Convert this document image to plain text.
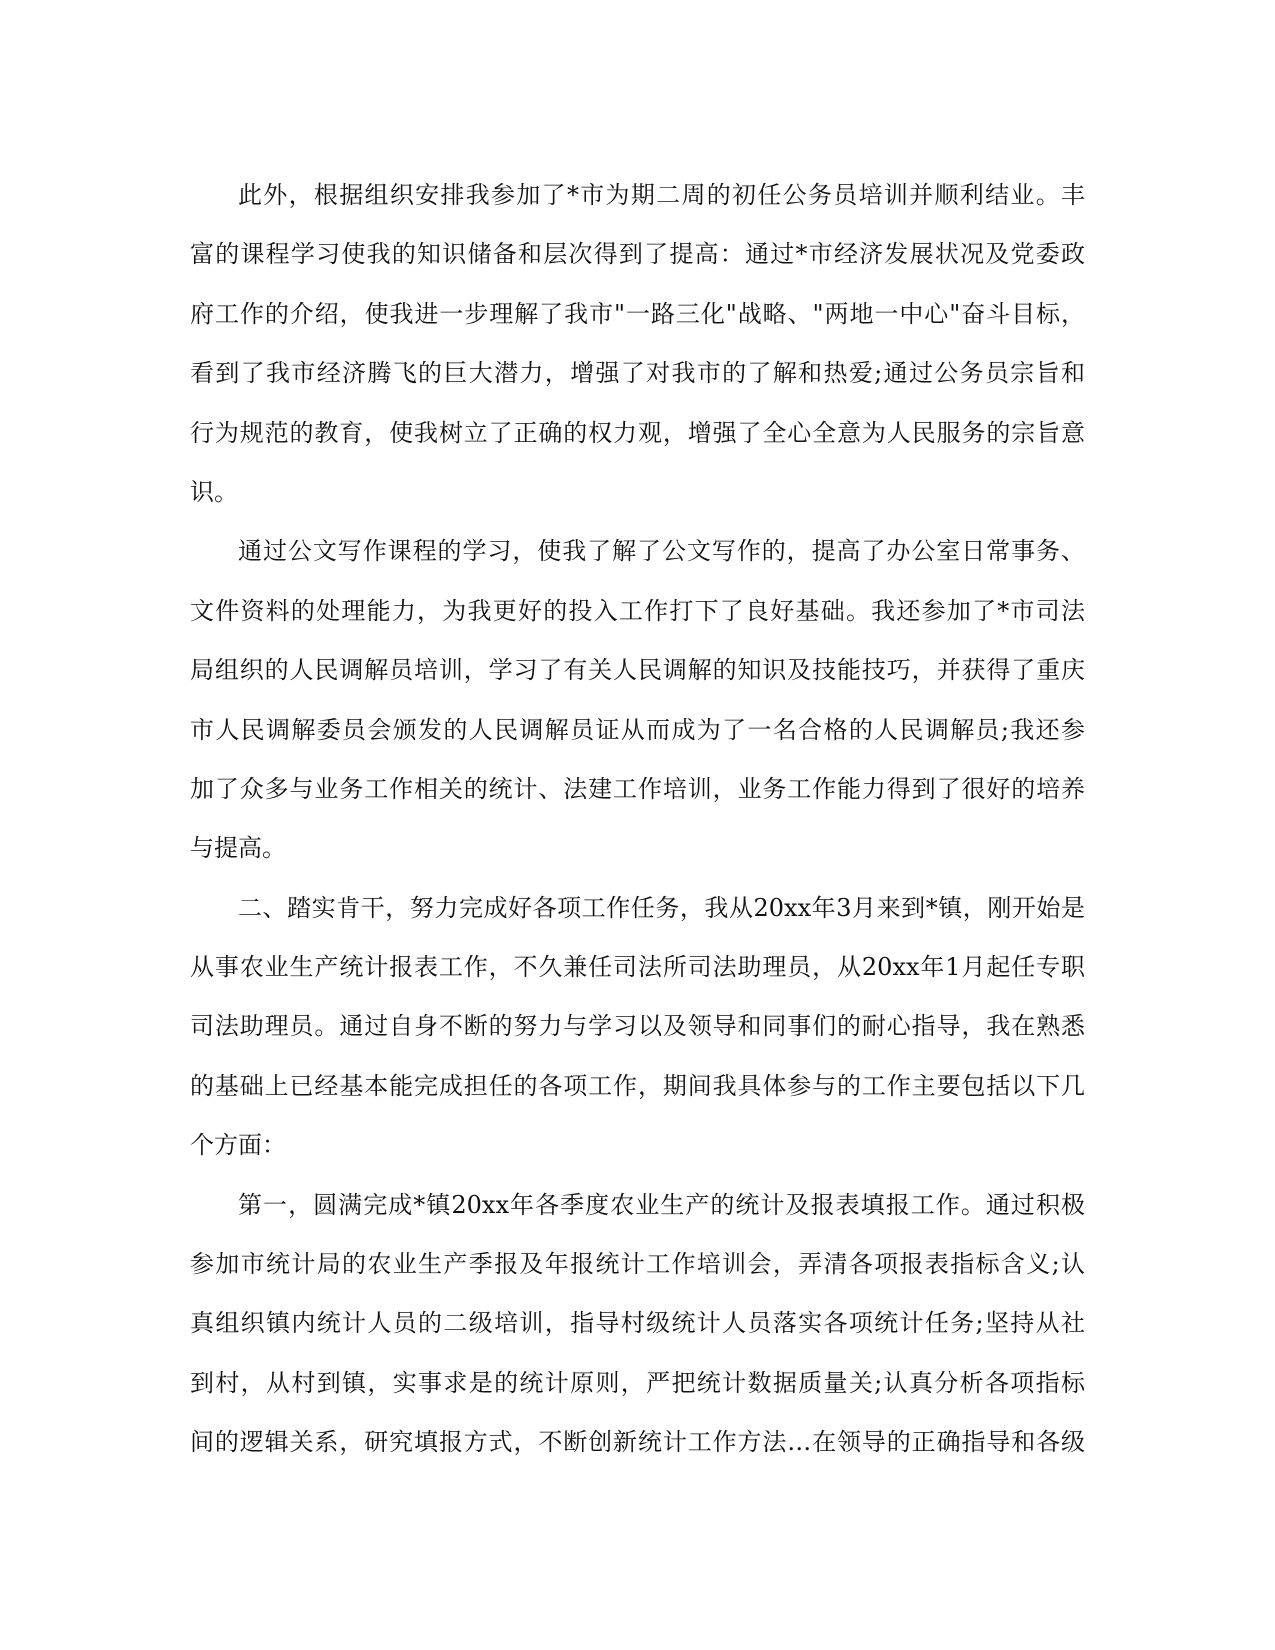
此外，根据组织安排我参加了*市为期二周的初任公务员培训并顺利结业。丰
富的课程学习使我的知识储备和层次得到了提高：通过*市经济发展状况及党委政
府工作的介绍，使我进一步理解了我市"一路三化"战略、"两地一中心"奋斗目标，
看到了我市经济腾飞的巨大潜力，增强了对我市的了解和热爱;通过公务员宗旨和
行为规范的教育，使我树立了正确的权力观，增强了全心全意为人民服务的宗旨意
识。
通过公文写作课程的学习，使我了解了公文写作的，提高了办公室日常事务、
文件资料的处理能力，为我更好的投入工作打下了良好基础。我还参加了*市司法
局组织的人民调解员培训，学习了有关人民调解的知识及技能技巧，并获得了重庆
市人民调解委员会颁发的人民调解员证从而成为了一名合格的人民调解员;我还参
加了众多与业务工作相关的统计、法建工作培训，业务工作能力得到了很好的培养
与提高。
二、踏实肯干，努力完成好各项工作任务，我从20xx年3月来到*镇，刚开始是
从事农业生产统计报表工作，不久兼任司法所司法助理员，从20xx年1月起任专职
司法助理员。通过自身不断的努力与学习以及领导和同事们的耐心指导，我在熟悉
的基础上已经基本能完成担任的各项工作，期间我具体参与的工作主要包括以下几
个方面：
第一，圆满完成*镇20xx年各季度农业生产的统计及报表填报工作。通过积极
参加市统计局的农业生产季报及年报统计工作培训会，弄清各项报表指标含义;认
真组织镇内统计人员的二级培训，指导村级统计人员落实各项统计任务;坚持从社
到村，从村到镇，实事求是的统计原则，严把统计数据质量关;认真分析各项指标
间的逻辑关系，研究填报方式，不断创新统计工作方法…在领导的正确指导和各级
